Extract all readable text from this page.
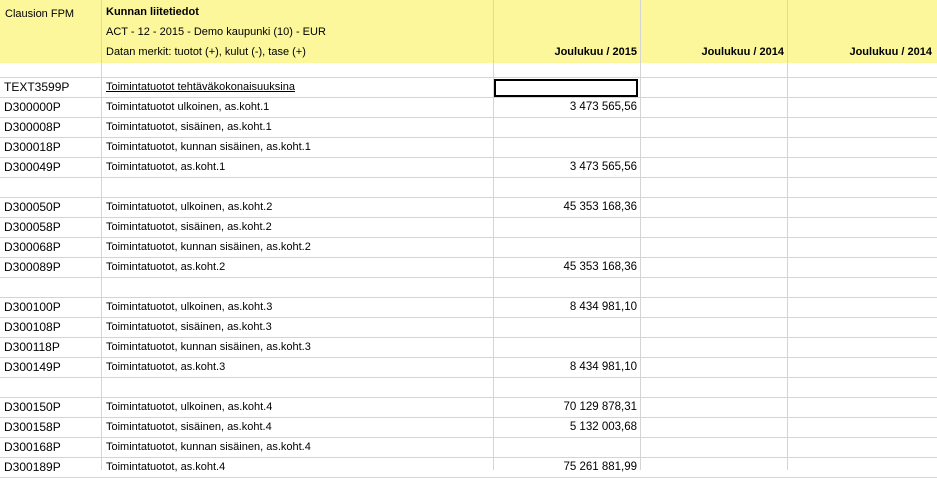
Clausion FPM	Kunnan liitetiedot
ACT - 12 - 2015 - Demo kaupunki (10) - EUR
Datan merkit: tuotot (+), kulut (-), tase (+)	Joulukuu / 2015	Joulukuu / 2014	Joulukuu / 2014
TEXT3599P	Toimintatuotot tehtäväkokonaisuuksina
D300000P	Toimintatuotot ulkoinen, as.koht.1	3 473 565,56
D300008P	Toimintatuotot, sisäinen, as.koht.1
D300018P	Toimintatuotot, kunnan sisäinen, as.koht.1
D300049P	Toimintatuotot, as.koht.1	3 473 565,56
D300050P	Toimintatuotot, ulkoinen, as.koht.2	45 353 168,36
D300058P	Toimintatuotot, sisäinen, as.koht.2
D300068P	Toimintatuotot, kunnan sisäinen, as.koht.2
D300089P	Toimintatuotot, as.koht.2	45 353 168,36
D300100P	Toimintatuotot, ulkoinen, as.koht.3	8 434 981,10
D300108P	Toimintatuotot, sisäinen, as.koht.3
D300118P	Toimintatuotot, kunnan sisäinen, as.koht.3
D300149P	Toimintatuotot, as.koht.3	8 434 981,10
D300150P	Toimintatuotot, ulkoinen, as.koht.4	70 129 878,31
D300158P	Toimintatuotot, sisäinen, as.koht.4	5 132 003,68
D300168P	Toimintatuotot, kunnan sisäinen, as.koht.4
D300189P	Toimintatuotot, as.koht.4	75 261 881,99
